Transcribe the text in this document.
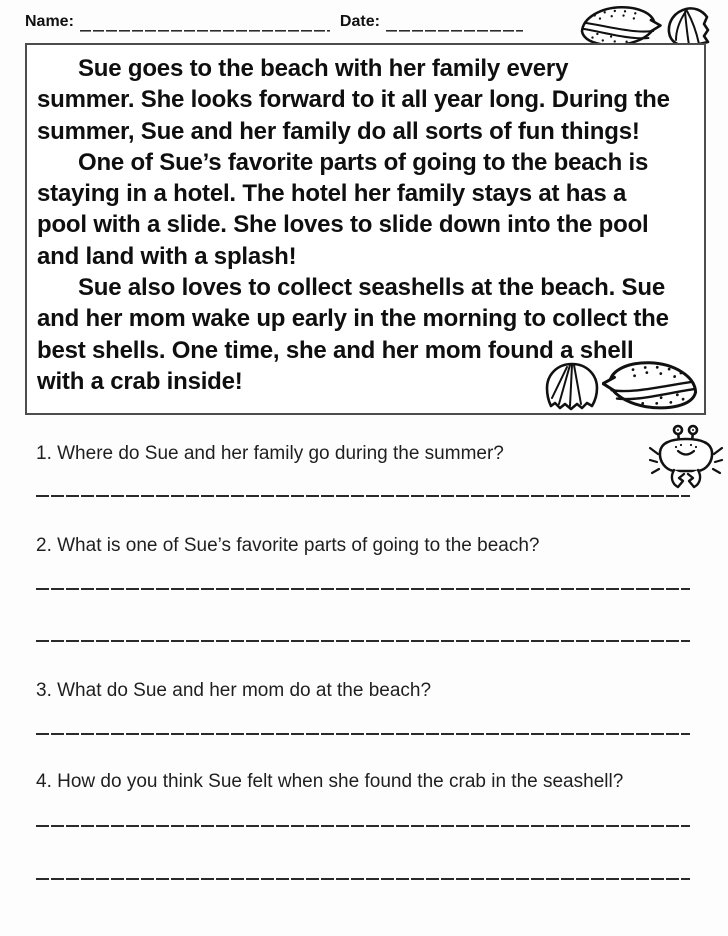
Name:	Date:
Sue goes to the beach with her family every
summer. She looks forward to it all year long. During the
summer, Sue and her family do all sorts of fun things!
One of Sue’s favorite parts of going to the beach is
staying in a hotel. The hotel her family stays at has a
pool with a slide. She loves to slide down into the pool
and land with a splash!
Sue also loves to collect seashells at the beach. Sue
and her mom wake up early in the morning to collect the
best shells. One time, she and her mom found a shell
with a crab inside!
1. Where do Sue and her family go during the summer?
2. What is one of Sue’s favorite parts of going to the beach?
3. What do Sue and her mom do at the beach?
4. How do you think Sue felt when she found the crab in the seashell?
